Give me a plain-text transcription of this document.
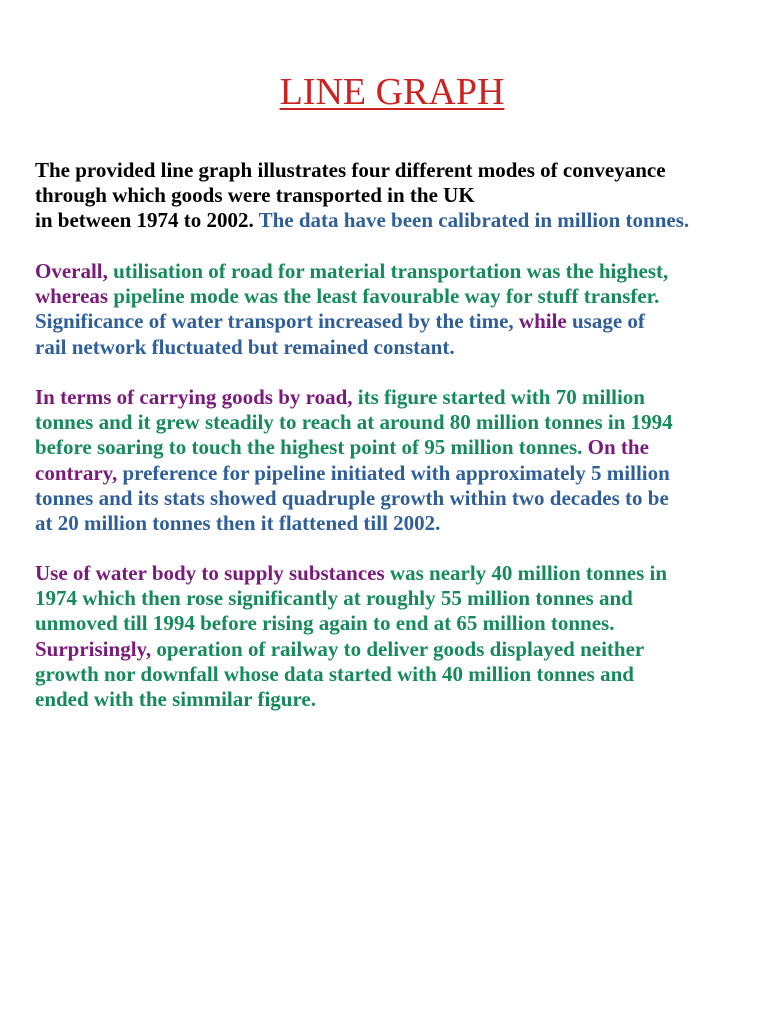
LINE GRAPH

The provided line graph illustrates four different modes of conveyance
through which goods were transported in the UK
in between 1974 to 2002. The data have been calibrated in million tonnes.

Overall, utilisation of road for material transportation was the highest,
whereas pipeline mode was the least favourable way for stuff transfer.
Significance of water transport increased by the time, while usage of
rail network fluctuated but remained constant.

In terms of carrying goods by road, its figure started with 70 million
tonnes and it grew steadily to reach at around 80 million tonnes in 1994
before soaring to touch the highest point of 95 million tonnes. On the
contrary, preference for pipeline initiated with approximately 5 million
tonnes and its stats showed quadruple growth within two decades to be
at 20 million tonnes then it flattened till 2002.

Use of water body to supply substances was nearly 40 million tonnes in
1974 which then rose significantly at roughly 55 million tonnes and
unmoved till 1994 before rising again to end at 65 million tonnes.
Surprisingly, operation of railway to deliver goods displayed neither
growth nor downfall whose data started with 40 million tonnes and
ended with the simmilar figure.
